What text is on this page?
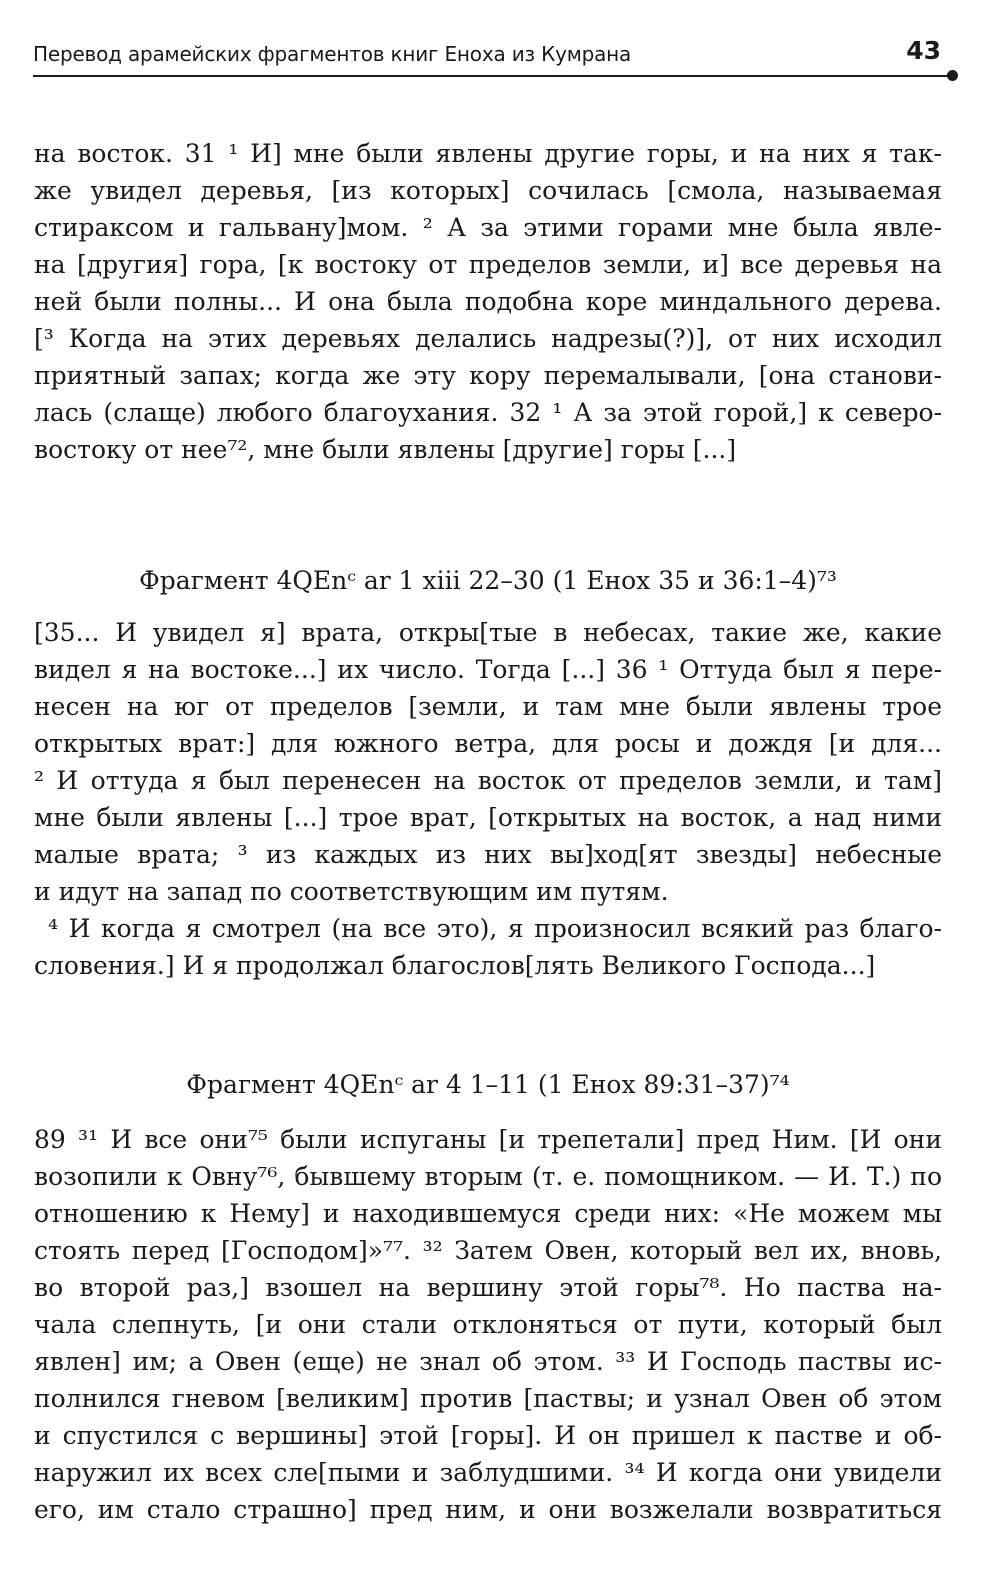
Перевод арамейских фрагментов книг Еноха из Кумрана	43
на восток. 31 ¹ И] мне были явлены другие горы, и на них я так-
же увидел деревья, [из которых] сочилась [смола, называемая
стираксом и гальвану]мом. ² А за этими горами мне была явле-
на [другия] гора, [к востоку от пределов земли, и] все деревья на
ней были полны... И она была подобна коре миндального дерева.
[³ Когда на этих деревьях делались надрезы(?)], от них исходил
приятный запах; когда же эту кору перемалывали, [она станови-
лась (слаще) любого благоухания. 32 ¹ А за этой горой,] к северо-
востоку от нее⁷², мне были явлены [другие] горы [...]
Фрагмент 4QEnᶜ ar 1 xiii 22–30 (1 Енох 35 и 36:1–4)⁷³
[35... И увидел я] врата, откры[тые в небесах, такие же, какие
видел я на востоке...] их число. Тогда [...] 36 ¹ Оттуда был я пере-
несен на юг от пределов [земли, и там мне были явлены трое
открытых врат:] для южного ветра, для росы и дождя [и для...
² И оттуда я был перенесен на восток от пределов земли, и там]
мне были явлены [...] трое врат, [открытых на восток, а над ними
малые врата; ³ из каждых из них вы]ход[ят звезды] небесные
и идут на запад по соответствующим им путям.
⁴ И когда я смотрел (на все это), я произносил всякий раз благо-
словения.] И я продолжал благослов[лять Великого Господа...]
Фрагмент 4QEnᶜ ar 4 1–11 (1 Енох 89:31–37)⁷⁴
89 ³¹ И все они⁷⁵ были испуганы [и трепетали] пред Ним. [И они
возопили к Овну⁷⁶, бывшему вторым (т. е. помощником. — И. Т.) по
отношению к Нему] и находившемуся среди них: «Не можем мы
стоять перед [Господом]»⁷⁷. ³² Затем Овен, который вел их, вновь,
во второй раз,] взошел на вершину этой горы⁷⁸. Но паства на-
чала слепнуть, [и они стали отклоняться от пути, который был
явлен] им; а Овен (еще) не знал об этом. ³³ И Господь паствы ис-
полнился гневом [великим] против [паствы; и узнал Овен об этом
и спустился с вершины] этой [горы]. И он пришел к пастве и об-
наружил их всех сле[пыми и заблудшими. ³⁴ И когда они увидели
его, им стало страшно] пред ним, и они возжелали возвратиться
